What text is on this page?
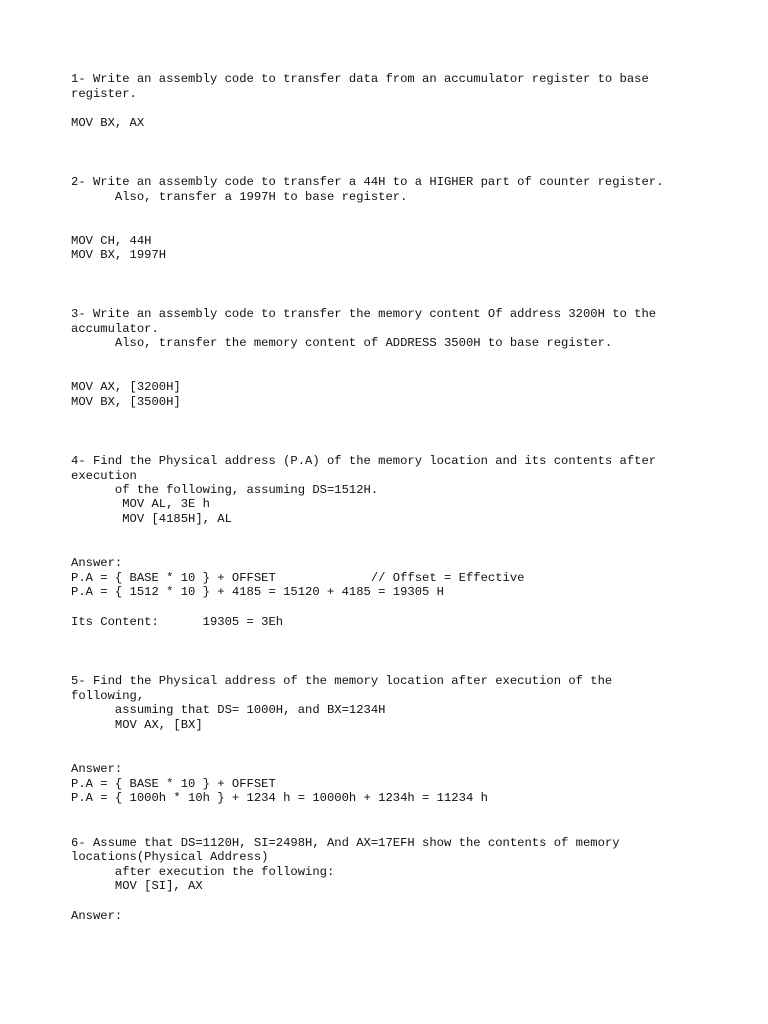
1- Write an assembly code to transfer data from an accumulator register to base

register.

MOV BX, AX

2- Write an assembly code to transfer a 44H to a HIGHER part of counter register.

Also, transfer a 1997H to base register.

MOV CH, 44H

MOV BX, 1997H

3- Write an assembly code to transfer the memory content Of address 3200H to the

accumulator.

Also, transfer the memory content of ADDRESS 3500H to base register.

MOV AX, [3200H]

MOV BX, [3500H]

4- Find the Physical address (P.A) of the memory location and its contents after

execution

of the following, assuming DS=1512H.

MOV AL, 3E h

MOV [4185H], AL

Answer:

P.A = { BASE * 10 } + OFFSET             // Offset = Effective

P.A = { 1512 * 10 } + 4185 = 15120 + 4185 = 19305 H

Its Content:      19305 = 3Eh

5- Find the Physical address of the memory location after execution of the

following,

assuming that DS= 1000H, and BX=1234H

MOV AX, [BX]

Answer:

P.A = { BASE * 10 } + OFFSET

P.A = { 1000h * 10h } + 1234 h = 10000h + 1234h = 11234 h

6- Assume that DS=1120H, SI=2498H, And AX=17EFH show the contents of memory

locations(Physical Address)

after execution the following:

MOV [SI], AX

Answer:
